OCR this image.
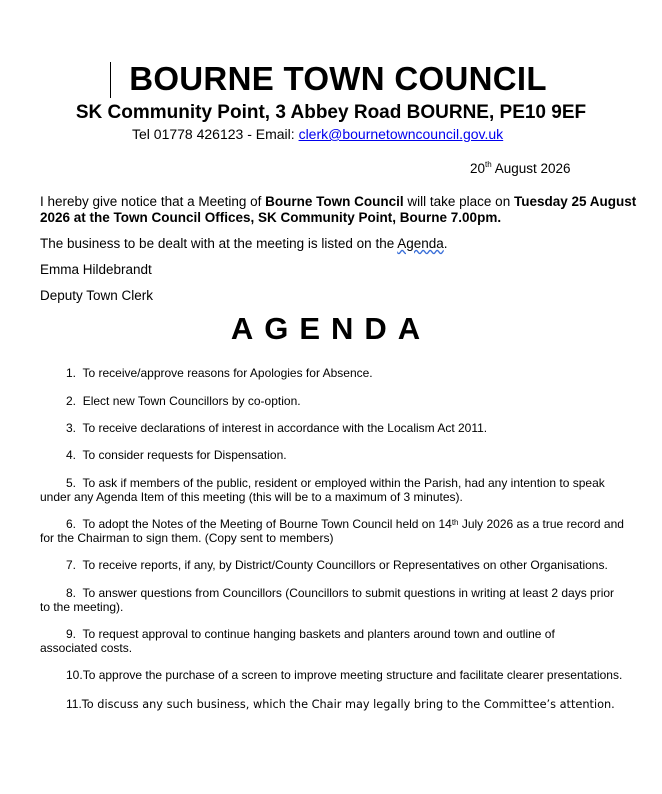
BOURNE TOWN COUNCIL
SK Community Point, 3 Abbey Road BOURNE, PE10 9EF
Tel 01778 426123 - Email: clerk@bournetowncouncil.gov.uk
20th August 2026
I hereby give notice that a Meeting of Bourne Town Council will take place on Tuesday 25 August 2026 at the Town Council Offices, SK Community Point, Bourne 7.00pm.
The business to be dealt with at the meeting is listed on the Agenda.
Emma Hildebrandt
Deputy Town Clerk
AGENDA
1. To receive/approve reasons for Apologies for Absence.
2. Elect new Town Councillors by co-option.
3. To receive declarations of interest in accordance with the Localism Act 2011.
4. To consider requests for Dispensation.
5. To ask if members of the public, resident or employed within the Parish, had any intention to speak under any Agenda Item of this meeting (this will be to a maximum of 3 minutes).
6. To adopt the Notes of the Meeting of Bourne Town Council held on 14th July 2026 as a true record and for the Chairman to sign them. (Copy sent to members)
7. To receive reports, if any, by District/County Councillors or Representatives on other Organisations.
8. To answer questions from Councillors (Councillors to submit questions in writing at least 2 days prior to the meeting).
9. To request approval to continue hanging baskets and planters around town and outline of associated costs.
10.To approve the purchase of a screen to improve meeting structure and facilitate clearer presentations.
11.To discuss any such business, which the Chair may legally bring to the Committee’s attention.
